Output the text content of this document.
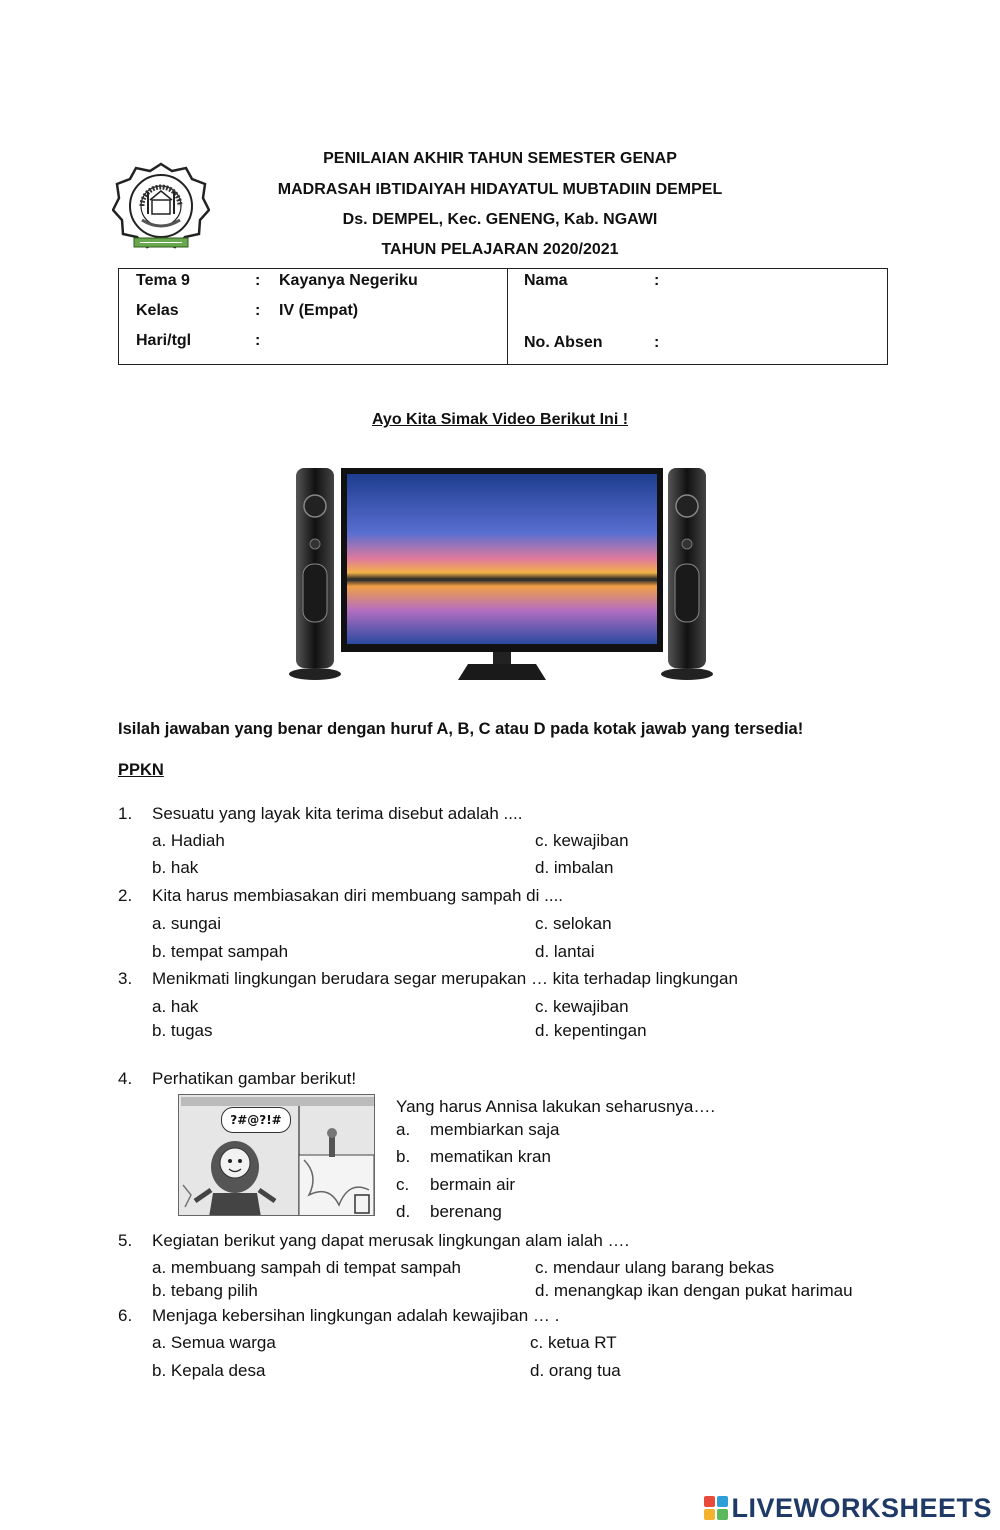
PENILAIAN AKHIR TAHUN SEMESTER GENAP
MADRASAH IBTIDAIYAH HIDAYATUL MUBTADIIN DEMPEL
Ds. DEMPEL, Kec. GENENG, Kab. NGAWI
TAHUN PELAJARAN 2020/2021
Tema 9	: Kayanya Negeriku
Kelas	: IV (Empat)
Hari/tgl	:
Nama	:
No. Absen	:
Ayo Kita Simak Video Berikut Ini !
Isilah jawaban yang benar dengan huruf A, B, C atau D pada kotak jawab yang tersedia!
PPKN
1. Sesuatu yang layak kita terima disebut adalah ....
a. Hadiah
b. hak
c. kewajiban
d. imbalan
2. Kita harus membiasakan diri membuang sampah di ....
a. sungai
b. tempat sampah
c. selokan
d. lantai
3. Menikmati lingkungan berudara segar merupakan … kita terhadap lingkungan
a. hak
b. tugas
c. kewajiban
d. kepentingan
4. Perhatikan gambar berikut!
?#@?!#
Yang harus Annisa lakukan seharusnya….
a. membiarkan saja
b. mematikan kran
c. bermain air
d. berenang
5. Kegiatan berikut yang dapat merusak lingkungan alam ialah ….
a. membuang sampah di tempat sampah
b. tebang pilih
c. mendaur ulang barang bekas
d. menangkap ikan dengan pukat harimau
6. Menjaga kebersihan lingkungan adalah kewajiban … .
a. Semua warga
b. Kepala desa
c. ketua RT
d. orang tua
LIVEWORKSHEETS
